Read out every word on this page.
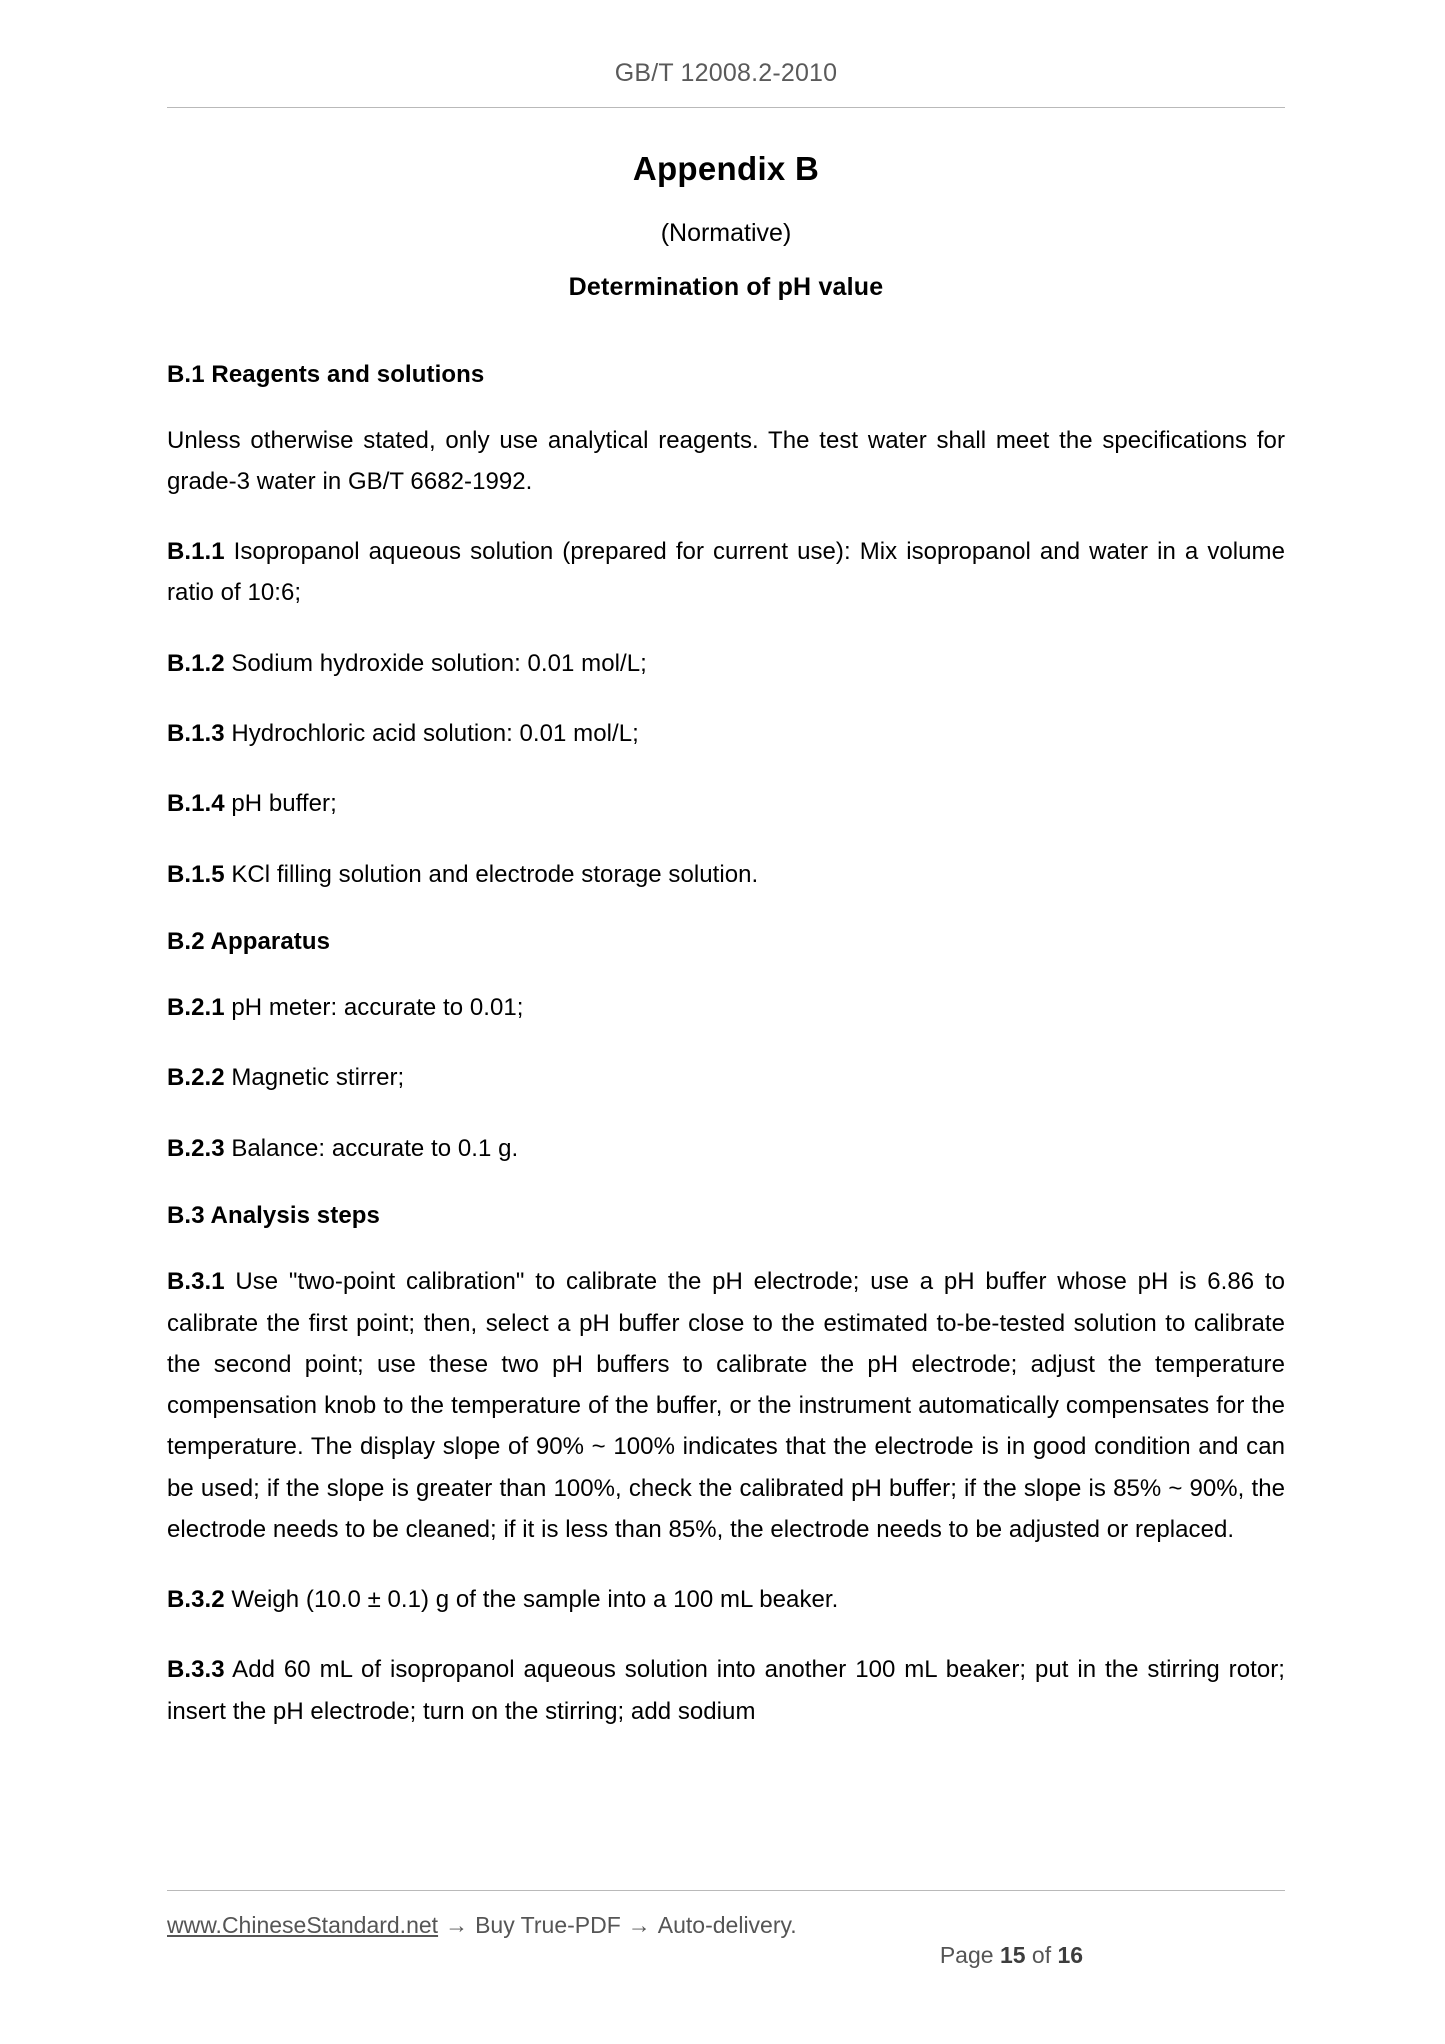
GB/T 12008.2-2010
Appendix B
(Normative)
Determination of pH value
B.1 Reagents and solutions

Unless otherwise stated, only use analytical reagents. The test water shall meet the specifications for grade-3 water in GB/T 6682-1992.

B.1.1 Isopropanol aqueous solution (prepared for current use): Mix isopropanol and water in a volume ratio of 10:6;

B.1.2 Sodium hydroxide solution: 0.01 mol/L;

B.1.3 Hydrochloric acid solution: 0.01 mol/L;

B.1.4 pH buffer;

B.1.5 KCl filling solution and electrode storage solution.

B.2 Apparatus

B.2.1 pH meter: accurate to 0.01;

B.2.2 Magnetic stirrer;

B.2.3 Balance: accurate to 0.1 g.

B.3 Analysis steps

B.3.1 Use "two-point calibration" to calibrate the pH electrode; use a pH buffer whose pH is 6.86 to calibrate the first point; then, select a pH buffer close to the estimated to-be-tested solution to calibrate the second point; use these two pH buffers to calibrate the pH electrode; adjust the temperature compensation knob to the temperature of the buffer, or the instrument automatically compensates for the temperature. The display slope of 90% ~ 100% indicates that the electrode is in good condition and can be used; if the slope is greater than 100%, check the calibrated pH buffer; if the slope is 85% ~ 90%, the electrode needs to be cleaned; if it is less than 85%, the electrode needs to be adjusted or replaced.

B.3.2 Weigh (10.0 ± 0.1) g of the sample into a 100 mL beaker.

B.3.3 Add 60 mL of isopropanol aqueous solution into another 100 mL beaker; put in the stirring rotor; insert the pH electrode; turn on the stirring; add sodium

www.ChineseStandard.net → Buy True-PDF → Auto-delivery.

Page 15 of 16
